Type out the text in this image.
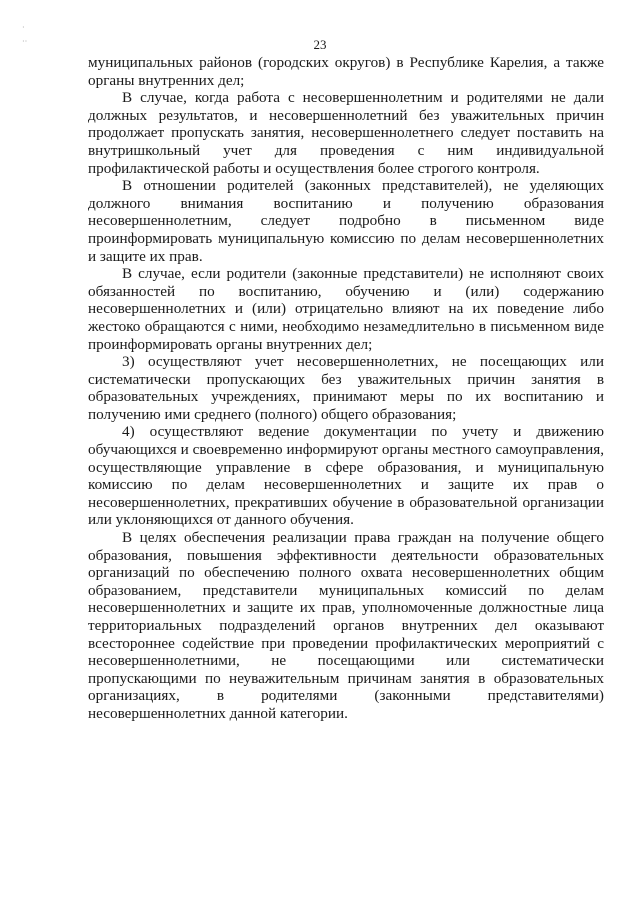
·
··	23

муниципальных районов (городских округов) в Республике Карелия, а также органы внутренних дел;

В случае, когда работа с несовершеннолетним и родителями не дали должных результатов, и несовершеннолетний без уважительных причин продолжает пропускать занятия, несовершеннолетнего следует поставить на внутришкольный учет для проведения с ним индивидуальной профилактической работы и осуществления более строгого контроля.

В отношении родителей (законных представителей), не уделяющих должного внимания воспитанию и получению образования несовершеннолетним, следует подробно в письменном виде проинформировать муниципальную комиссию по делам несовершеннолетних и защите их прав.

В случае, если родители (законные представители) не исполняют своих обязанностей по воспитанию, обучению и (или) содержанию несовершеннолетних и (или) отрицательно влияют на их поведение либо жестоко обращаются с ними, необходимо незамедлительно в письменном виде проинформировать органы внутренних дел;

3) осуществляют учет несовершеннолетних, не посещающих или систематически пропускающих без уважительных причин занятия в образовательных учреждениях, принимают меры по их воспитанию и получению ими среднего (полного) общего образования;

4) осуществляют ведение документации по учету и движению обучающихся и своевременно информируют органы местного самоуправления, осуществляющие управление в сфере образования, и муниципальную комиссию по делам несовершеннолетних и защите их прав о несовершеннолетних, прекративших обучение в образовательной организации или уклоняющихся от данного обучения.

В целях обеспечения реализации права граждан на получение общего образования, повышения эффективности деятельности образовательных организаций по обеспечению полного охвата несовершеннолетних общим образованием, представители муниципальных комиссий по делам несовершеннолетних и защите их прав, уполномоченные должностные лица территориальных подразделений органов внутренних дел оказывают всестороннее содействие при проведении профилактических мероприятий с несовершеннолетними, не посещающими или систематически пропускающими по неуважительным причинам занятия в образовательных организациях, в родителями (законными представителями) несовершеннолетних данной категории.
